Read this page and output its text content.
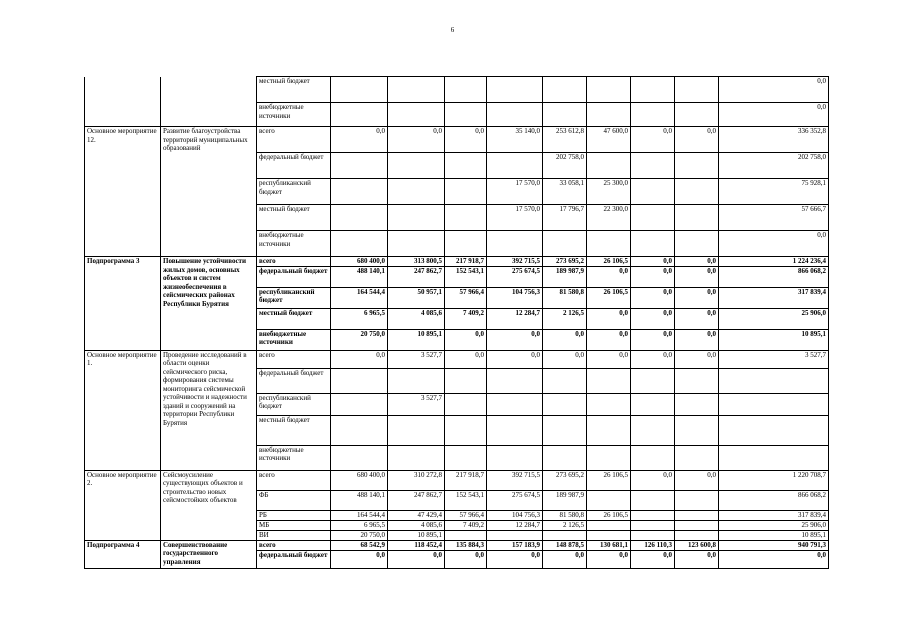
6
		местный бюджет									0,0
		внебюджетные источники									0,0
Основное мероприятие 12.	Развитие благоустройства территорий муниципальных образований	всего	0,0	0,0	0,0	35 140,0	253 612,8	47 600,0	0,0	0,0	336 352,8
		федеральный бюджет					202 758,0				202 758,0
		республиканский бюджет				17 570,0	33 058,1	25 300,0			75 928,1
		местный бюджет				17 570,0	17 796,7	22 300,0			57 666,7
		внебюджетные источники									0,0
Подпрограмма 3	Повышение устойчивости жилых домов, основных объектов и систем жизнеобеспечения в сейсмических районах Республики Бурятия	всего	680 400,0	313 800,5	217 918,7	392 715,5	273 695,2	26 106,5	0,0	0,0	1 224 236,4
		федеральный бюджет	488 140,1	247 862,7	152 543,1	275 674,5	189 987,9	0,0	0,0	0,0	866 068,2
		республиканский бюджет	164 544,4	50 957,1	57 966,4	104 756,3	81 580,8	26 106,5	0,0	0,0	317 839,4
		местный бюджет	6 965,5	4 085,6	7 409,2	12 284,7	2 126,5	0,0	0,0	0,0	25 906,0
		внебюджетные источники	20 750,0	10 895,1	0,0	0,0	0,0	0,0	0,0	0,0	10 895,1
Основное мероприятие 1.	Проведение исследований в области оценки сейсмического риска, формирования системы мониторинга сейсмической устойчивости и надежности зданий и сооружений на территории Республики Бурятия	всего	0,0	3 527,7	0,0	0,0	0,0	0,0	0,0	0,0	3 527,7
		федеральный бюджет									
		республиканский бюджет		3 527,7							
		местный бюджет									
		внебюджетные источники									
Основное мероприятие 2.	Сейсмоусиление существующих объектов и строительство новых сейсмостойких объектов	всего	680 400,0	310 272,8	217 918,7	392 715,5	273 695,2	26 106,5	0,0	0,0	1 220 708,7
		ФБ	488 140,1	247 862,7	152 543,1	275 674,5	189 987,9				866 068,2
		РБ	164 544,4	47 429,4	57 966,4	104 756,3	81 580,8	26 106,5			317 839,4
		МБ	6 965,5	4 085,6	7 409,2	12 284,7	2 126,5				25 906,0
		ВИ	20 750,0	10 895,1							10 895,1
Подпрограмма 4	Совершенствование государственного управления	всего	68 542,9	118 452,4	135 884,3	157 183,9	148 878,5	130 681,1	126 110,3	123 600,8	940 791,3
		федеральный бюджет	0,0	0,0	0,0	0,0	0,0	0,0	0,0	0,0	0,0
